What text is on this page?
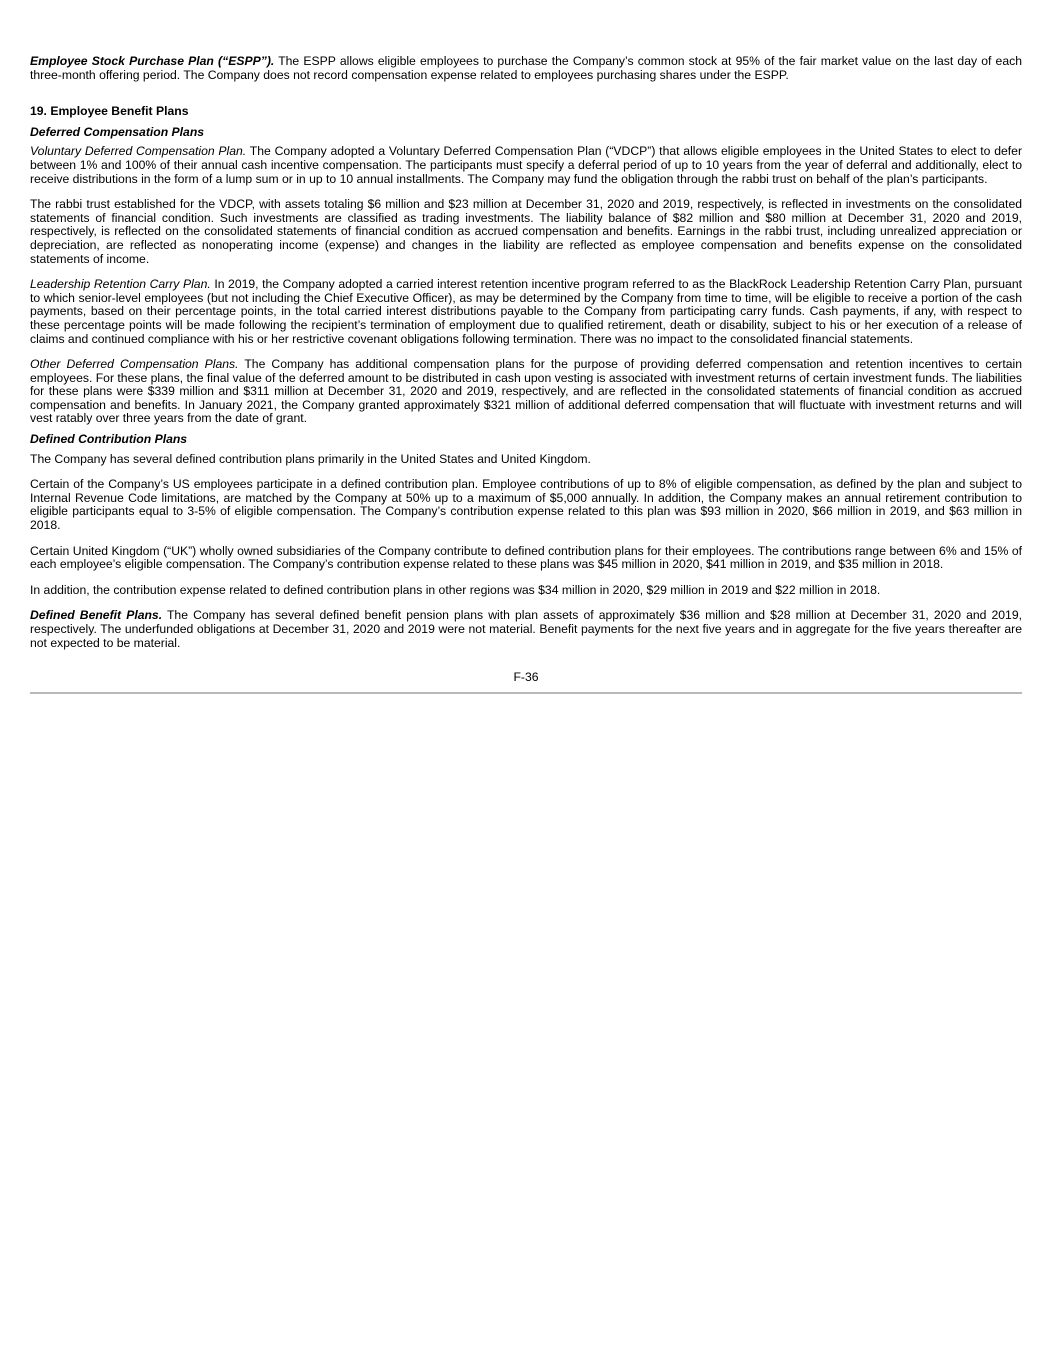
Employee Stock Purchase Plan (“ESPP”). The ESPP allows eligible employees to purchase the Company’s common stock at 95% of the fair market value on the last day of each three-month offering period. The Company does not record compensation expense related to employees purchasing shares under the ESPP.

19. Employee Benefit Plans

Deferred Compensation Plans

Voluntary Deferred Compensation Plan. The Company adopted a Voluntary Deferred Compensation Plan (“VDCP”) that allows eligible employees in the United States to elect to defer between 1% and 100% of their annual cash incentive compensation. The participants must specify a deferral period of up to 10 years from the year of deferral and additionally, elect to receive distributions in the form of a lump sum or in up to 10 annual installments. The Company may fund the obligation through the rabbi trust on behalf of the plan’s participants.

The rabbi trust established for the VDCP, with assets totaling $6 million and $23 million at December 31, 2020 and 2019, respectively, is reflected in investments on the consolidated statements of financial condition. Such investments are classified as trading investments. The liability balance of $82 million and $80 million at December 31, 2020 and 2019, respectively, is reflected on the consolidated statements of financial condition as accrued compensation and benefits. Earnings in the rabbi trust, including unrealized appreciation or depreciation, are reflected as nonoperating income (expense) and changes in the liability are reflected as employee compensation and benefits expense on the consolidated statements of income.

Leadership Retention Carry Plan. In 2019, the Company adopted a carried interest retention incentive program referred to as the BlackRock Leadership Retention Carry Plan, pursuant to which senior-level employees (but not including the Chief Executive Officer), as may be determined by the Company from time to time, will be eligible to receive a portion of the cash payments, based on their percentage points, in the total carried interest distributions payable to the Company from participating carry funds. Cash payments, if any, with respect to these percentage points will be made following the recipient’s termination of employment due to qualified retirement, death or disability, subject to his or her execution of a release of claims and continued compliance with his or her restrictive covenant obligations following termination. There was no impact to the consolidated financial statements.

Other Deferred Compensation Plans. The Company has additional compensation plans for the purpose of providing deferred compensation and retention incentives to certain employees. For these plans, the final value of the deferred amount to be distributed in cash upon vesting is associated with investment returns of certain investment funds. The liabilities for these plans were $339 million and $311 million at December 31, 2020 and 2019, respectively, and are reflected in the consolidated statements of financial condition as accrued compensation and benefits. In January 2021, the Company granted approximately $321 million of additional deferred compensation that will fluctuate with investment returns and will vest ratably over three years from the date of grant.

Defined Contribution Plans

The Company has several defined contribution plans primarily in the United States and United Kingdom.

Certain of the Company’s US employees participate in a defined contribution plan. Employee contributions of up to 8% of eligible compensation, as defined by the plan and subject to Internal Revenue Code limitations, are matched by the Company at 50% up to a maximum of $5,000 annually. In addition, the Company makes an annual retirement contribution to eligible participants equal to 3-5% of eligible compensation. The Company’s contribution expense related to this plan was $93 million in 2020, $66 million in 2019, and $63 million in 2018.

Certain United Kingdom (“UK”) wholly owned subsidiaries of the Company contribute to defined contribution plans for their employees. The contributions range between 6% and 15% of each employee’s eligible compensation. The Company’s contribution expense related to these plans was $45 million in 2020, $41 million in 2019, and $35 million in 2018.

In addition, the contribution expense related to defined contribution plans in other regions was $34 million in 2020, $29 million in 2019 and $22 million in 2018.

Defined Benefit Plans. The Company has several defined benefit pension plans with plan assets of approximately $36 million and $28 million at December 31, 2020 and 2019, respectively. The underfunded obligations at December 31, 2020 and 2019 were not material. Benefit payments for the next five years and in aggregate for the five years thereafter are not expected to be material.

F-36
